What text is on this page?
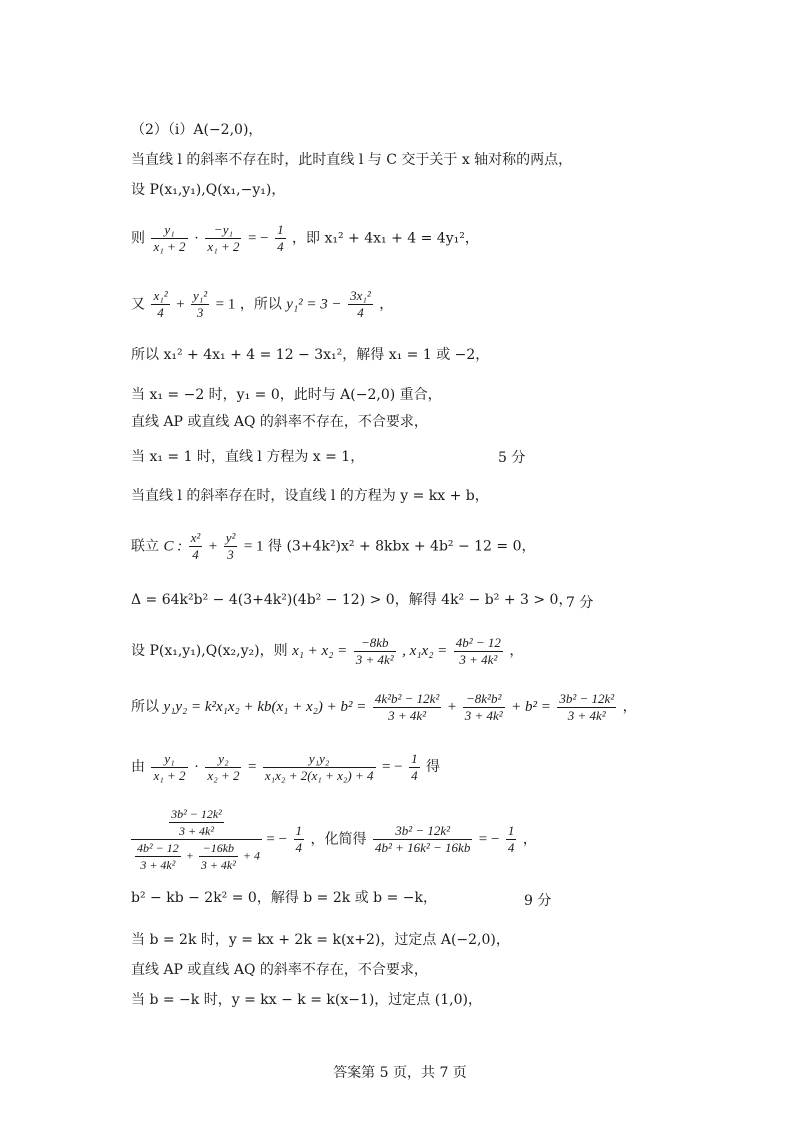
（2）（i）A(−2,0)，
当直线 l 的斜率不存在时，此时直线 l 与 C 交于关于 x 轴对称的两点，
设 P(x₁,y₁),Q(x₁,−y₁)，
则 $\frac{\text{y₁}}{\text{x₁ + 2}} \cdot \frac{\text{−y₁}}{\text{x₁ + 2}}$ = − $\frac{1}{4}$ ，即 x₁² + 4x₁ + 4 = 4y₁²，
又 $\frac{\text{x₁²}}{4} + \frac{\text{y₁²}}{3} = 1$ ，所以 $y_1^2 = 3 - \frac{\text{3x₁²}}{4}$ ，
所以 x₁² + 4x₁ + 4 = 12 − 3x₁²，解得 x₁ = 1 或 −2，
当 x₁ = −2 时，y₁ = 0，此时与 A(−2,0) 重合，
直线 AP 或直线 AQ 的斜率不存在，不合要求，
当 x₁ = 1 时，直线 l 方程为 x = 1，	5 分
当直线 l 的斜率存在时，设直线 l 的方程为 y = kx + b，
联立 C : $\frac{\text{x²}}{4} + \frac{\text{y²}}{3} = 1$ 得 (3+4k²)x² + 8kbx + 4b² − 12 = 0，
Δ = 64k²b² − 4(3+4k²)(4b² − 12) > 0，解得 4k² − b² + 3 > 0，
7 分
设 P(x₁,y₁),Q(x₂,y₂)，则 $x_1 + x_2 = \frac{-8kb}{\text{3 + 4k²}}$ , $x_1x_2 = \frac{\text{4b² − 12}}{\text{3 + 4k²}}$ ，
所以 $y_1y_2 = k^2x_1x_2 + kb(x_1 + x_2) + b^2 = \frac{\text{4k²b² − 12k²}}{\text{3 + 4k²}} + \frac{\text{−8k²b²}}{\text{3 + 4k²}} + b^2 = \frac{\text{3b² − 12k²}}{\text{3 + 4k²}}$ ，
由 $\frac{\text{y₁}}{\text{x₁ + 2}} \cdot \frac{\text{y₂}}{\text{x₂ + 2}} = \frac{\text{y₁y₂}}{\text{x₁x₂ + 2(x₁ + x₂) + 4}}$ = − $\frac{1}{4}$ 得
$\frac{\frac{\text{3b² − 12k²}}{\text{3 + 4k²}}}{\frac{\text{4b² − 12}}{\text{3 + 4k²}} + \frac{-16kb}{\text{3 + 4k²}} + 4}$ = − $\frac{1}{4}$ ，化简得 $\frac{\text{3b² − 12k²}}{\text{4b² + 16k² − 16kb}}$ = − $\frac{1}{4}$ ，
b² − kb − 2k² = 0，解得 b = 2k 或 b = −k，	9 分
当 b = 2k 时，y = kx + 2k = k(x+2)，过定点 A(−2,0)，
直线 AP 或直线 AQ 的斜率不存在，不合要求，
当 b = −k 时，y = kx − k = k(x−1)，过定点 (1,0)，
答案第 5 页，共 7 页
